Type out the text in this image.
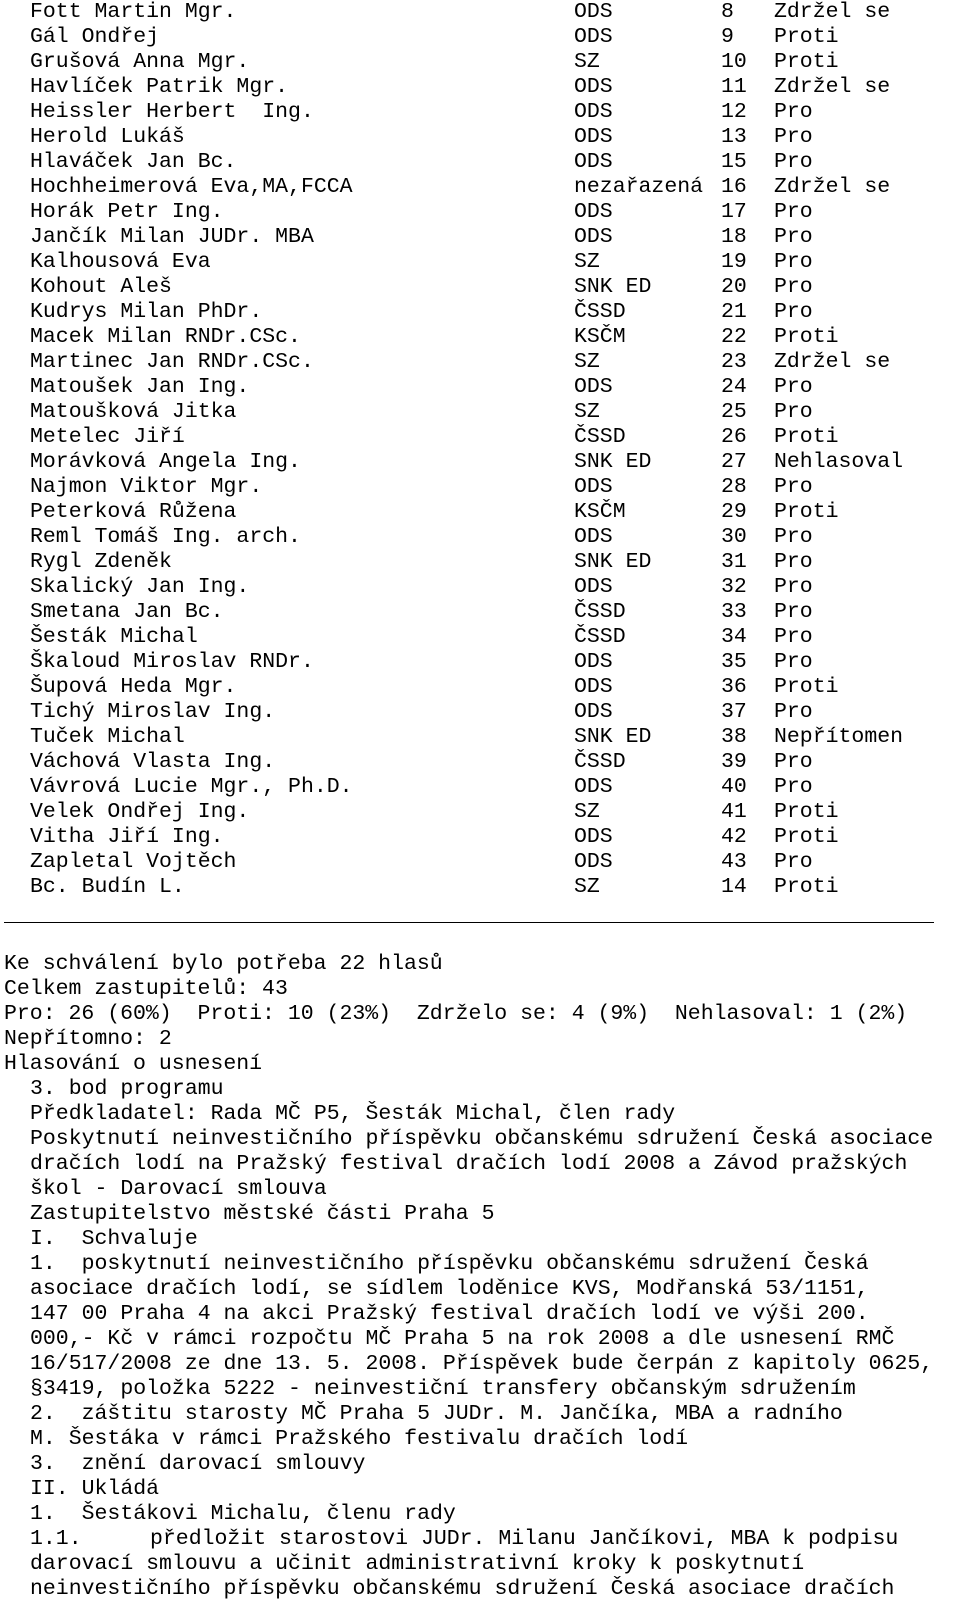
Fott Martin Mgr.	ODS	8 Zdržel se
Gál Ondřej	ODS	9 Proti
Grušová Anna Mgr.	SZ	10 Proti
Havlíček Patrik Mgr.	ODS	11 Zdržel se
Heissler Herbert  Ing.	ODS	12 Pro
Herold Lukáš	ODS	13 Pro
Hlaváček Jan Bc.	ODS	15 Pro
Hochheimerová Eva,MA,FCCA	nezařazená 16 Zdržel se
Horák Petr Ing.	ODS	17 Pro
Jančík Milan JUDr. MBA	ODS	18 Pro
Kalhousová Eva	SZ	19 Pro
Kohout Aleš	SNK ED	20 Pro
Kudrys Milan PhDr.	ČSSD	21 Pro
Macek Milan RNDr.CSc.	KSČM	22 Proti
Martinec Jan RNDr.CSc.	SZ	23 Zdržel se
Matoušek Jan Ing.	ODS	24 Pro
Matoušková Jitka	SZ	25 Pro
Metelec Jiří	ČSSD	26 Proti
Morávková Angela Ing.	SNK ED	27 Nehlasoval
Najmon Viktor Mgr.	ODS	28 Pro
Peterková Růžena	KSČM	29 Proti
Reml Tomáš Ing. arch.	ODS	30 Pro
Rygl Zdeněk	SNK ED	31 Pro
Skalický Jan Ing.	ODS	32 Pro
Smetana Jan Bc.	ČSSD	33 Pro
Šesták Michal	ČSSD	34 Pro
Škaloud Miroslav RNDr.	ODS	35 Pro
Šupová Heda Mgr.	ODS	36 Proti
Tichý Miroslav Ing.	ODS	37 Pro
Tuček Michal	SNK ED	38 Nepřítomen
Váchová Vlasta Ing.	ČSSD	39 Pro
Vávrová Lucie Mgr., Ph.D.	ODS	40 Pro
Velek Ondřej Ing.	SZ	41 Proti
Vitha Jiří Ing.	ODS	42 Proti
Zapletal Vojtěch	ODS	43 Pro
Bc. Budín L.	SZ	14 Proti
Ke schválení bylo potřeba 22 hlasů
Celkem zastupitelů: 43
Pro: 26 (60%)  Proti: 10 (23%)  Zdrželo se: 4 (9%)  Nehlasoval: 1 (2%)
Nepřítomno: 2
Hlasování o usnesení
3. bod programu
Předkladatel: Rada MČ P5, Šesták Michal, člen rady
Poskytnutí neinvestičního příspěvku občanskému sdružení Česká asociace
dračích lodí na Pražský festival dračích lodí 2008 a Závod pražských
škol - Darovací smlouva
Zastupitelstvo městské části Praha 5
I.  Schvaluje
1.  poskytnutí neinvestičního příspěvku občanskému sdružení Česká
asociace dračích lodí, se sídlem loděnice KVS, Modřanská 53/1151,
147 00 Praha 4 na akci Pražský festival dračích lodí ve výši 200.
000,- Kč v rámci rozpočtu MČ Praha 5 na rok 2008 a dle usnesení RMČ
16/517/2008 ze dne 13. 5. 2008. Příspěvek bude čerpán z kapitoly 0625,
§3419, položka 5222 - neinvestiční transfery občanským sdružením
2.  záštitu starosty MČ Praha 5 JUDr. M. Jančíka, MBA a radního
M. Šestáka v rámci Pražského festivalu dračích lodí
3.  znění darovací smlouvy
II. Ukládá
1.  Šestákovi Michalu, členu rady
1.1.	předložit starostovi JUDr. Milanu Jančíkovi, MBA k podpisu
darovací smlouvu a učinit administrativní kroky k poskytnutí
neinvestičního příspěvku občanskému sdružení Česká asociace dračích
